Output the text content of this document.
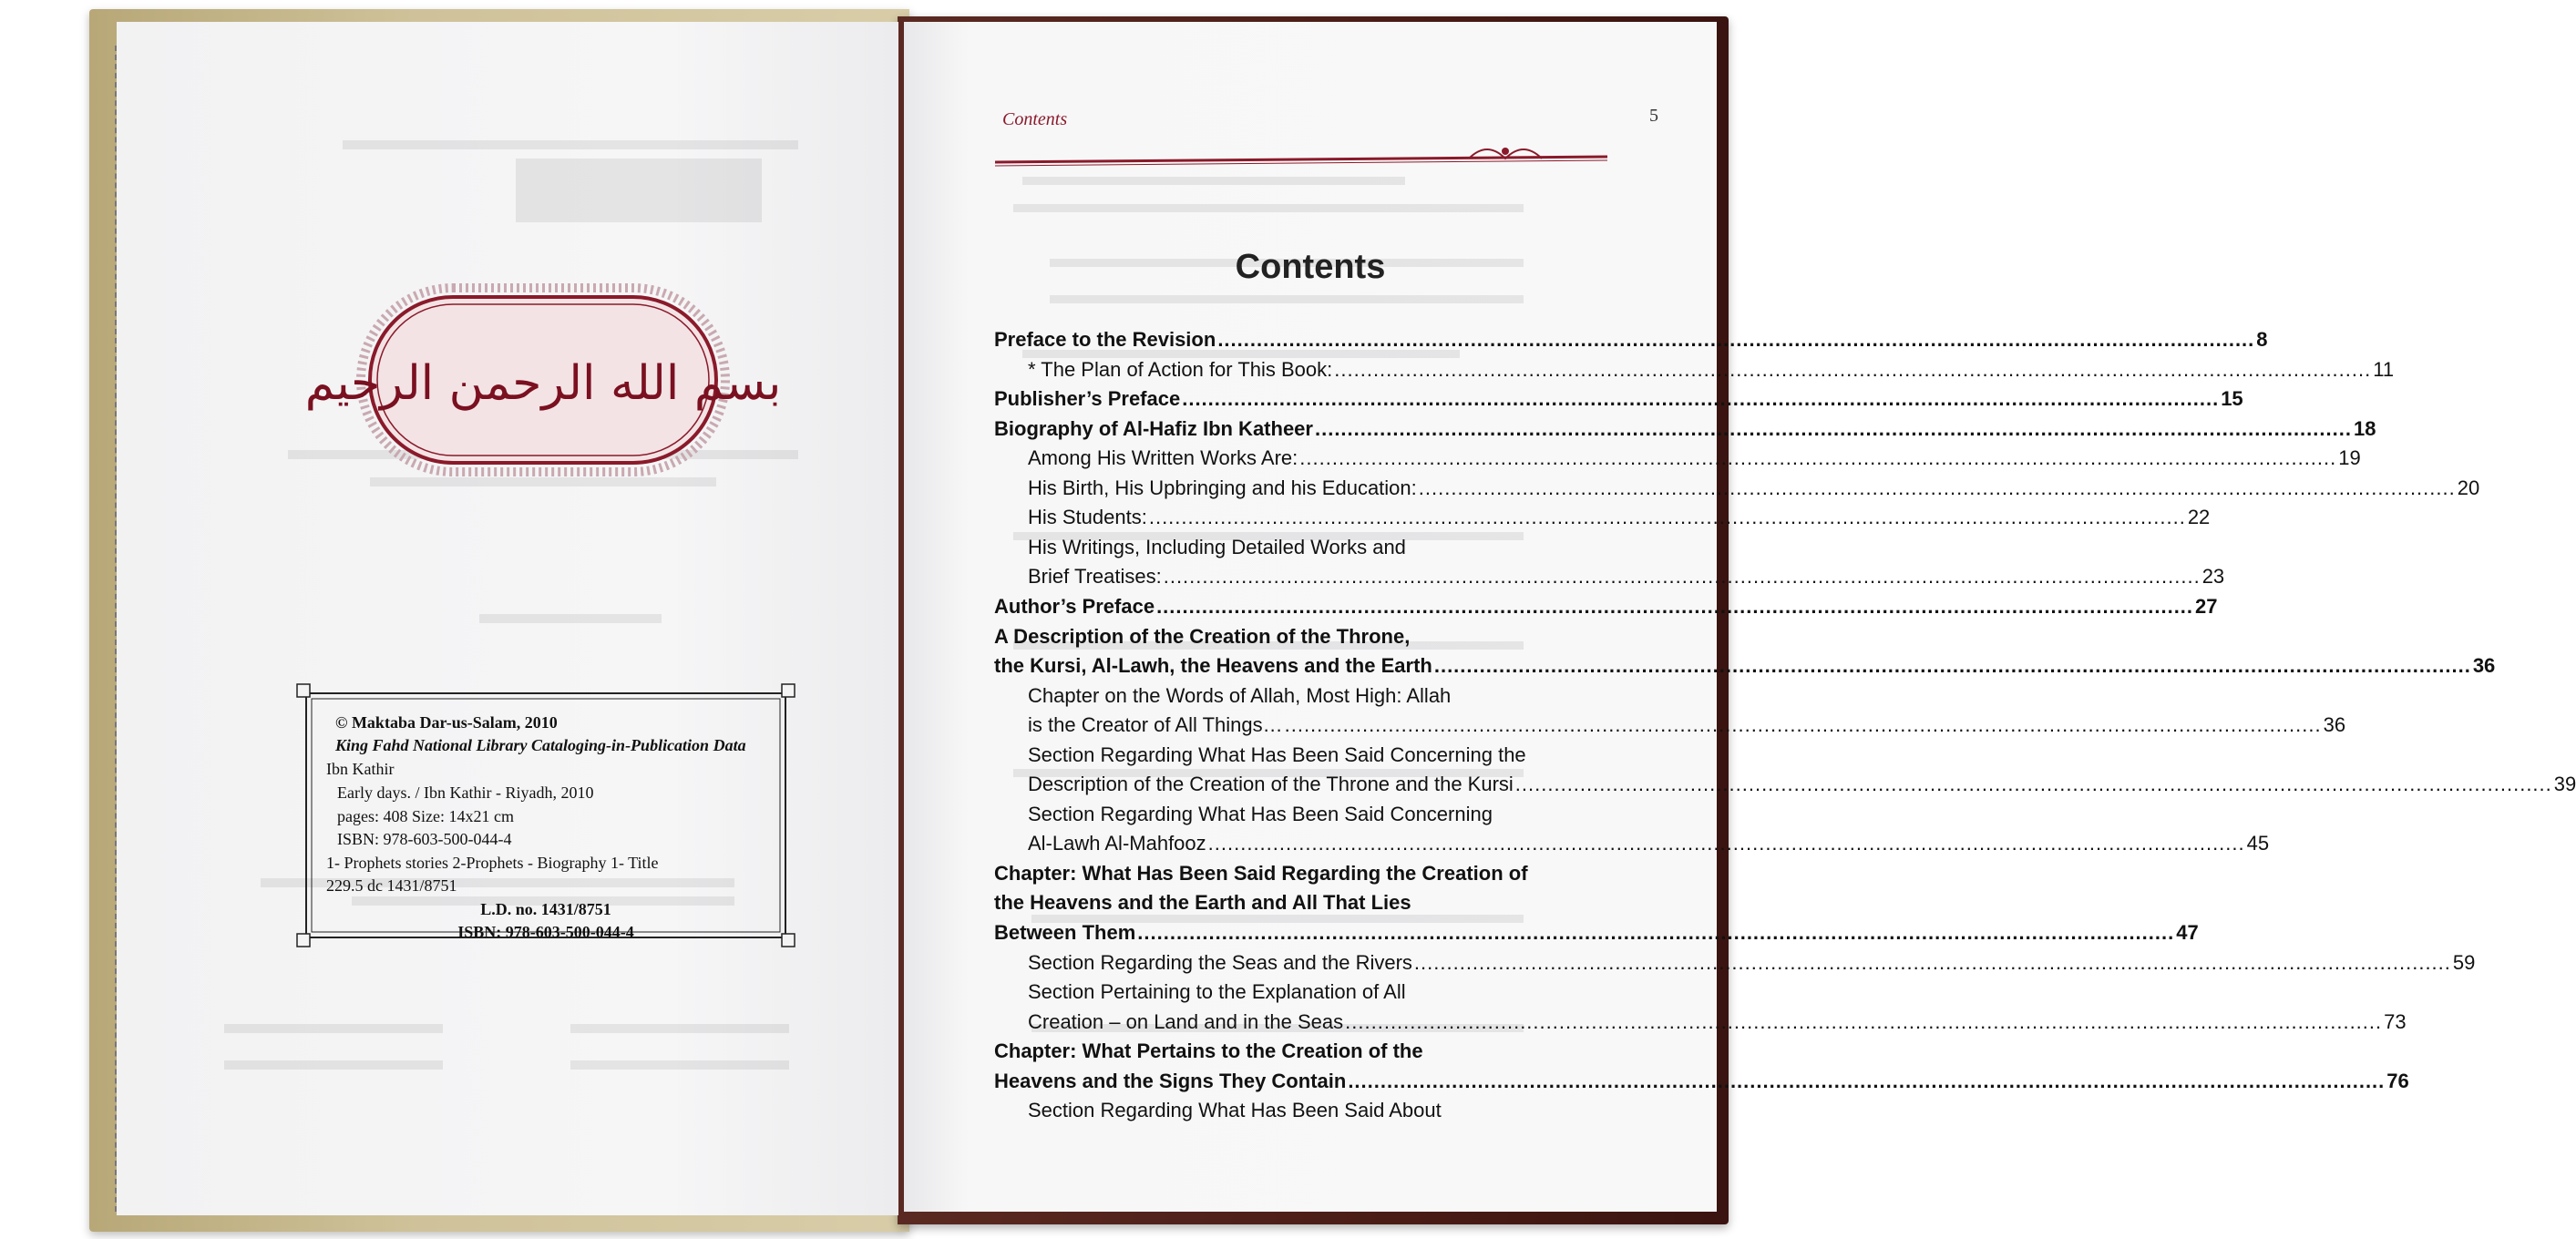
بسم الله الرحمن الرحيم
© Maktaba Dar-us-Salam, 2010
King Fahd National Library Cataloging-in-Publication Data
Ibn Kathir
Early days. / Ibn Kathir - Riyadh, 2010
pages: 408 Size: 14x21 cm
ISBN: 978-603-500-044-4
1- Prophets stories 2-Prophets - Biography 1- Title
229.5 dc 1431/8751
L.D. no. 1431/8751
ISBN: 978-603-500-044-4
Contents	5
Contents
Preface to the Revision .....	8
* The Plan of Action for This Book: .....	11
Publisher’s Preface .....	15
Biography of Al-Hafiz Ibn Katheer .....	18
Among His Written Works Are: .....	19
His Birth, His Upbringing and his Education: .....	20
His Students: .....	22
His Writings, Including Detailed Works and
Brief Treatises: .....	23
Author’s Preface .....	27
A Description of the Creation of the Throne,
the Kursi, Al-Lawh, the Heavens and the Earth .....	36
Chapter on the Words of Allah, Most High: Allah
is the Creator of All Things… .....	36
Section Regarding What Has Been Said Concerning the
Description of the Creation of the Throne and the Kursi .....	39
Section Regarding What Has Been Said Concerning
Al-Lawh Al-Mahfooz .....	45
Chapter: What Has Been Said Regarding the Creation of
the Heavens and the Earth and All That Lies
Between Them .....	47
Section Regarding the Seas and the Rivers .....	59
Section Pertaining to the Explanation of All
Creation – on Land and in the Seas .....	73
Chapter: What Pertains to the Creation of the
Heavens and the Signs They Contain .....	76
Section Regarding What Has Been Said About
